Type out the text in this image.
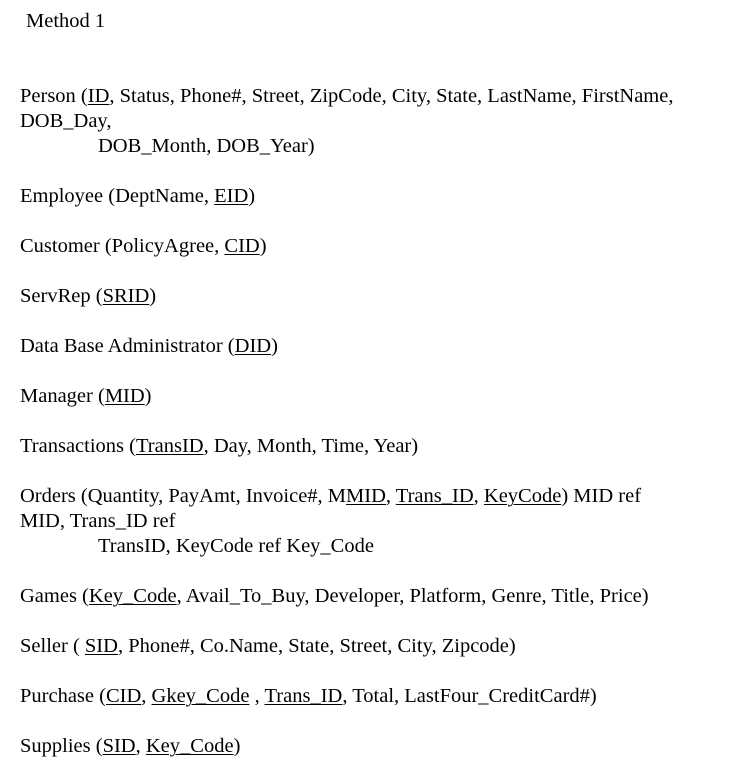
Method 1
Person (ID, Status, Phone#, Street, ZipCode, City, State, LastName, FirstName,
DOB_Day,
DOB_Month, DOB_Year)
Employee (DeptName, EID)
Customer (PolicyAgree, CID)
ServRep (SRID)
Data Base Administrator (DID)
Manager (MID)
Transactions (TransID, Day, Month, Time, Year)
Orders (Quantity, PayAmt, Invoice#, MMID, Trans_ID, KeyCode) MID ref
MID, Trans_ID ref
TransID, KeyCode ref Key_Code
Games (Key_Code, Avail_To_Buy, Developer, Platform, Genre, Title, Price)
Seller ( SID, Phone#, Co.Name, State, Street, City, Zipcode)
Purchase (CID, Gkey_Code , Trans_ID, Total, LastFour_CreditCard#)
Supplies (SID, Key_Code)
